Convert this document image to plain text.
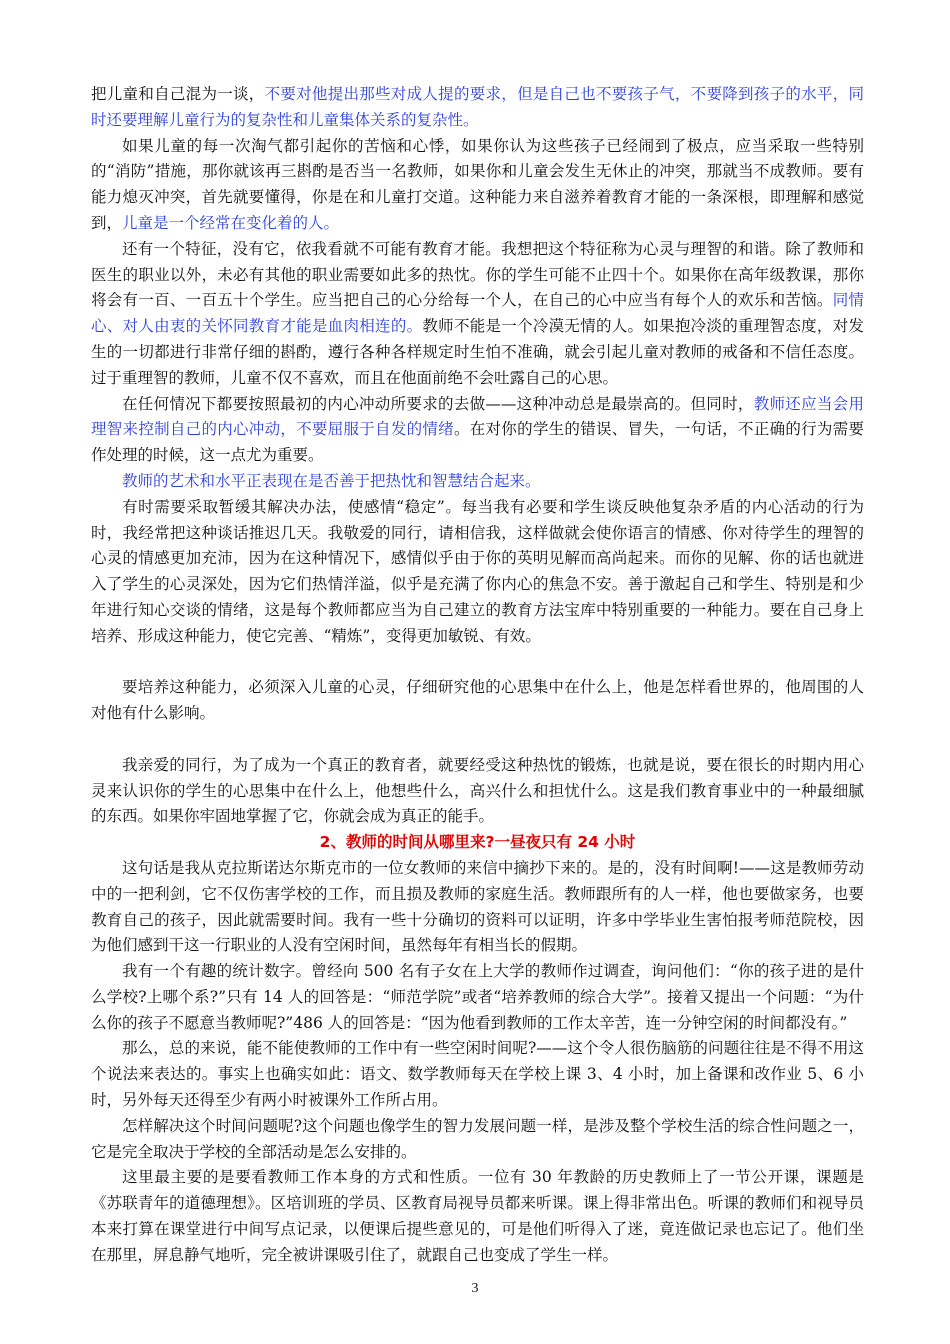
把儿童和自己混为一谈，不要对他提出那些对成人提的要求，但是自己也不要孩子气，不要降到孩子的水平，同时还要理解儿童行为的复杂性和儿童集体关系的复杂性。

如果儿童的每一次淘气都引起你的苦恼和心悸，如果你认为这些孩子已经闹到了极点，应当采取一些特别的“消防”措施，那你就该再三斟酌是否当一名教师，如果你和儿童会发生无休止的冲突，那就当不成教师。要有能力熄灭冲突，首先就要懂得，你是在和儿童打交道。这种能力来自滋养着教育才能的一条深根，即理解和感觉到，儿童是一个经常在变化着的人。

还有一个特征，没有它，依我看就不可能有教育才能。我想把这个特征称为心灵与理智的和谐。除了教师和医生的职业以外，未必有其他的职业需要如此多的热忱。你的学生可能不止四十个。如果你在高年级教课，那你将会有一百、一百五十个学生。应当把自己的心分给每一个人，在自己的心中应当有每个人的欢乐和苦恼。同情心、对人由衷的关怀同教育才能是血肉相连的。教师不能是一个冷漠无情的人。如果抱冷淡的重理智态度，对发生的一切都进行非常仔细的斟酌，遵行各种各样规定时生怕不准确，就会引起儿童对教师的戒备和不信任态度。过于重理智的教师，儿童不仅不喜欢，而且在他面前绝不会吐露自己的心思。

在任何情况下都要按照最初的内心冲动所要求的去做——这种冲动总是最崇高的。但同时，教师还应当会用理智来控制自己的内心冲动，不要屈服于自发的情绪。在对你的学生的错误、冒失，一句话，不正确的行为需要作处理的时候，这一点尤为重要。

教师的艺术和水平正表现在是否善于把热忱和智慧结合起来。

有时需要采取暂缓其解决办法，使感情“稳定”。每当我有必要和学生谈反映他复杂矛盾的内心活动的行为时，我经常把这种谈话推迟几天。我敬爱的同行，请相信我，这样做就会使你语言的情感、你对待学生的理智的心灵的情感更加充沛，因为在这种情况下，感情似乎由于你的英明见解而高尚起来。而你的见解、你的话也就进入了学生的心灵深处，因为它们热情洋溢，似乎是充满了你内心的焦急不安。善于激起自己和学生、特别是和少年进行知心交谈的情绪，这是每个教师都应当为自己建立的教育方法宝库中特别重要的一种能力。要在自己身上培养、形成这种能力，使它完善、“精炼”，变得更加敏锐、有效。

要培养这种能力，必须深入儿童的心灵，仔细研究他的心思集中在什么上，他是怎样看世界的，他周围的人对他有什么影响。

我亲爱的同行，为了成为一个真正的教育者，就要经受这种热忱的锻炼，也就是说，要在很长的时期内用心灵来认识你的学生的心思集中在什么上，他想些什么，高兴什么和担忧什么。这是我们教育事业中的一种最细腻的东西。如果你牢固地掌握了它，你就会成为真正的能手。

2、教师的时间从哪里来?一昼夜只有 24 小时

这句话是我从克拉斯诺达尔斯克市的一位女教师的来信中摘抄下来的。是的，没有时间啊!——这是教师劳动中的一把利剑，它不仅伤害学校的工作，而且损及教师的家庭生活。教师跟所有的人一样，他也要做家务，也要教育自己的孩子，因此就需要时间。我有一些十分确切的资料可以证明，许多中学毕业生害怕报考师范院校，因为他们感到干这一行职业的人没有空闲时间，虽然每年有相当长的假期。

我有一个有趣的统计数字。曾经向 500 名有子女在上大学的教师作过调查，询问他们：“你的孩子进的是什么学校?上哪个系?”只有 14 人的回答是：“师范学院”或者“培养教师的综合大学”。接着又提出一个问题：“为什么你的孩子不愿意当教师呢?”486 人的回答是：“因为他看到教师的工作太辛苦，连一分钟空闲的时间都没有。”

那么，总的来说，能不能使教师的工作中有一些空闲时间呢?——这个令人很伤脑筋的问题往往是不得不用这个说法来表达的。事实上也确实如此：语文、数学教师每天在学校上课 3、4 小时，加上备课和改作业 5、6 小时，另外每天还得至少有两小时被课外工作所占用。

怎样解决这个时间问题呢?这个问题也像学生的智力发展问题一样，是涉及整个学校生活的综合性问题之一，它是完全取决于学校的全部活动是怎么安排的。

这里最主要的是要看教师工作本身的方式和性质。一位有 30 年教龄的历史教师上了一节公开课，课题是《苏联青年的道德理想》。区培训班的学员、区教育局视导员都来听课。课上得非常出色。听课的教师们和视导员本来打算在课堂进行中间写点记录，以便课后提些意见的，可是他们听得入了迷，竟连做记录也忘记了。他们坐在那里，屏息静气地听，完全被讲课吸引住了，就跟自己也变成了学生一样。

3
